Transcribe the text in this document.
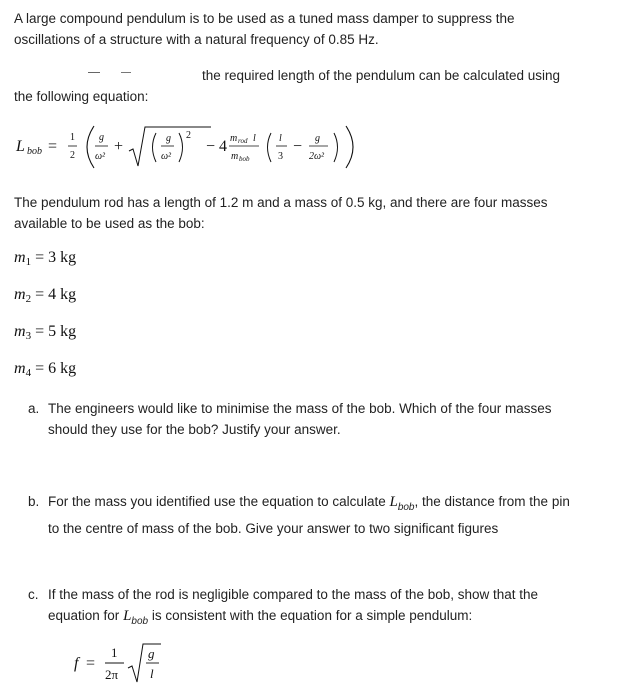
A large compound pendulum is to be used as a tuned mass damper to suppress the
oscillations of a structure with a natural frequency of 0.85 Hz.
the required length of the pendulum can be calculated using
the following equation:
L bob =
1
2
g
ω²
+	g
ω²
2
− 4 m rod l
m bob
l
3
− g
2ω²
The pendulum rod has a length of 1.2 m and a mass of 0.5 kg, and there are four masses
available to be used as the bob:
m1 = 3 kg
m2 = 4 kg
m3 = 5 kg
m4 = 6 kg
a. The engineers would like to minimise the mass of the bob. Which of the four masses
should they use for the bob? Justify your answer.
b. For the mass you identified use the equation to calculate $L_{bob}$, the distance from the pin
to the centre of mass of the bob. Give your answer to two significant figures
c. If the mass of the rod is negligible compared to the mass of the bob, show that the
equation for $L_{bob}$ is consistent with the equation for a simple pendulum:
f =
1
2π
g
l
